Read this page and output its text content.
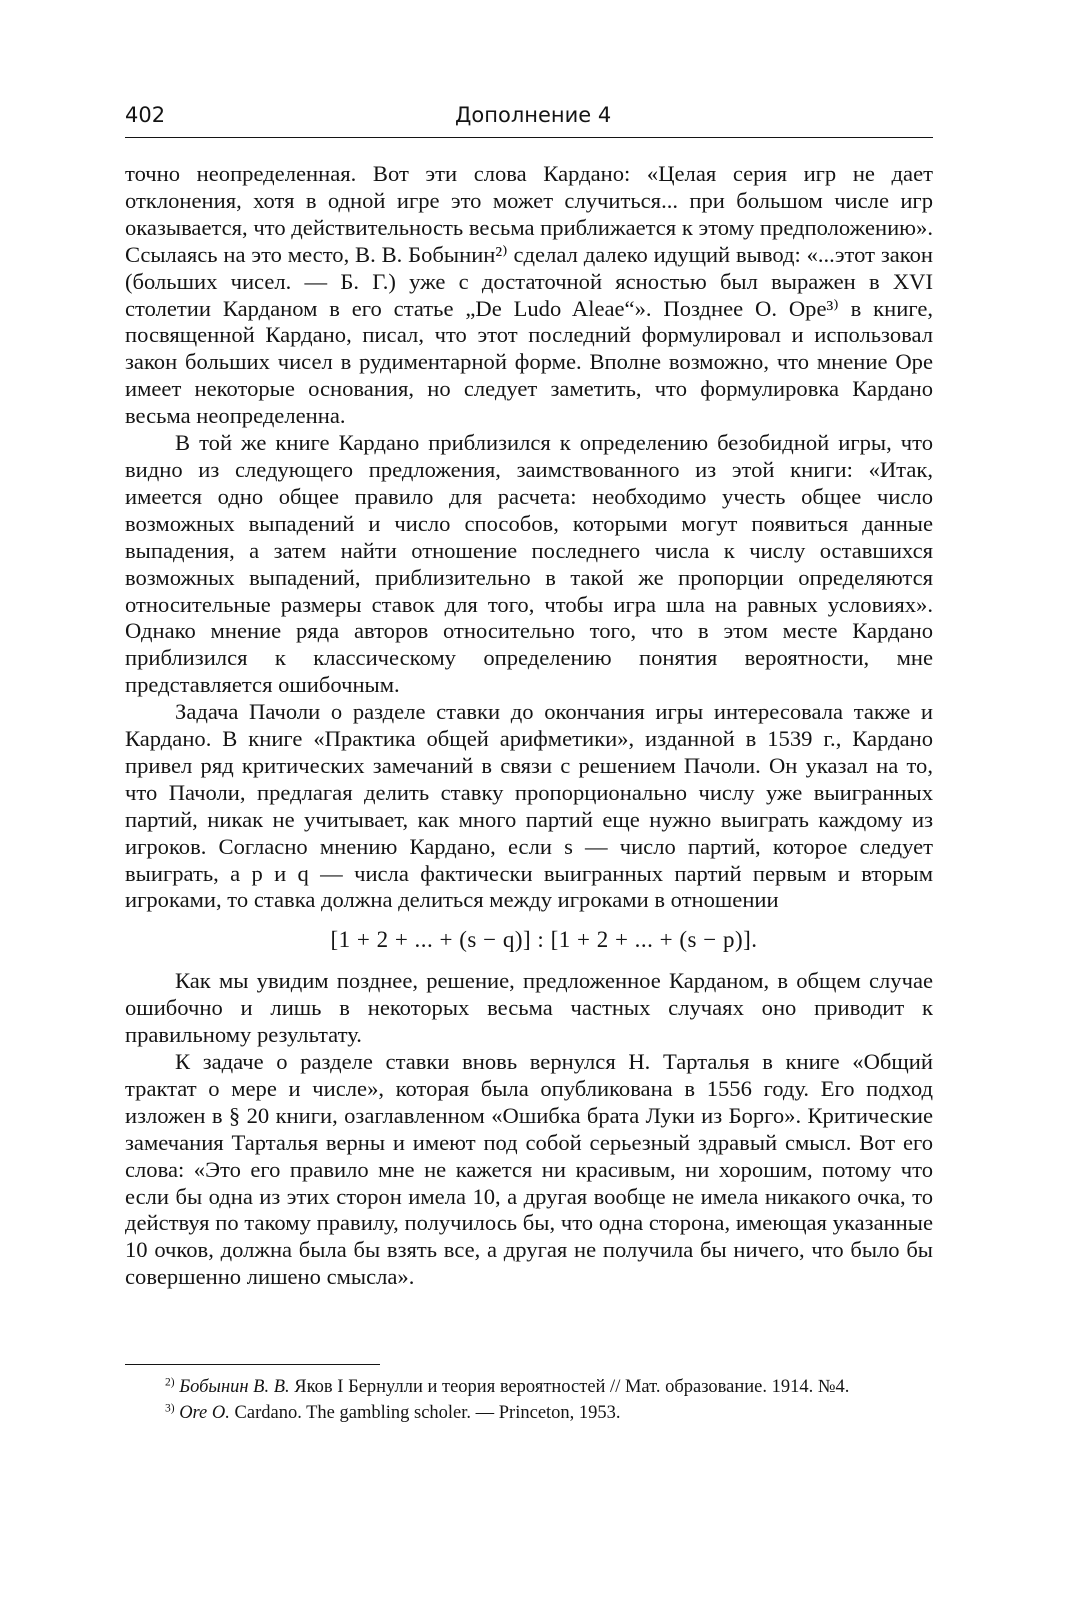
402	Дополнение 4

точно неопределенная. Вот эти слова Кардано: «Целая серия игр не дает отклонения, хотя в одной игре это может случиться... при большом числе игр оказывается, что действительность весьма приближается к этому предположению». Ссылаясь на это место, В. В. Бобынин²⁾ сделал далеко идущий вывод: «...этот закон (больших чисел. — Б. Г.) уже с достаточной ясностью был выражен в XVI столетии Карданом в его статье „De Ludo Aleae“». Позднее О. Оре³⁾ в книге, посвященной Кардано, писал, что этот последний формулировал и использовал закон больших чисел в рудиментарной форме. Вполне возможно, что мнение Оре имеет некоторые основания, но следует заметить, что формулировка Кардано весьма неопределенна.

В той же книге Кардано приблизился к определению безобидной игры, что видно из следующего предложения, заимствованного из этой книги: «Итак, имеется одно общее правило для расчета: необходимо учесть общее число возможных выпадений и число способов, которыми могут появиться данные выпадения, а затем найти отношение последнего числа к числу оставшихся возможных выпадений, приблизительно в такой же пропорции определяются относительные размеры ставок для того, чтобы игра шла на равных условиях». Однако мнение ряда авторов относительно того, что в этом месте Кардано приблизился к классическому определению понятия вероятности, мне представляется ошибочным.

Задача Пачоли о разделе ставки до окончания игры интересовала также и Кардано. В книге «Практика общей арифметики», изданной в 1539 г., Кардано привел ряд критических замечаний в связи с решением Пачоли. Он указал на то, что Пачоли, предлагая делить ставку пропорционально числу уже выигранных партий, никак не учитывает, как много партий еще нужно выиграть каждому из игроков. Согласно мнению Кардано, если s — число партий, которое следует выиграть, а p и q — числа фактически выигранных партий первым и вторым игроками, то ставка должна делиться между игроками в отношении

[1 + 2 + ... + (s − q)] : [1 + 2 + ... + (s − p)].

Как мы увидим позднее, решение, предложенное Карданом, в общем случае ошибочно и лишь в некоторых весьма частных случаях оно приводит к правильному результату.

К задаче о разделе ставки вновь вернулся Н. Тарталья в книге «Общий трактат о мере и числе», которая была опубликована в 1556 году. Его подход изложен в § 20 книги, озаглавленном «Ошибка брата Луки из Борго». Критические замечания Тарталья верны и имеют под собой серьезный здравый смысл. Вот его слова: «Это его правило мне не кажется ни красивым, ни хорошим, потому что если бы одна из этих сторон имела 10, а другая вообще не имела никакого очка, то действуя по такому правилу, получилось бы, что одна сторона, имеющая указанные 10 очков, должна была бы взять все, а другая не получила бы ничего, что было бы совершенно лишено смысла».

$^{2)}$ Бобынин В. В. Яков I Бернулли и теория вероятностей // Мат. образование. 1914. №4.

$^{3)}$ Ore O. Cardano. The gambling scholer. — Princeton, 1953.
